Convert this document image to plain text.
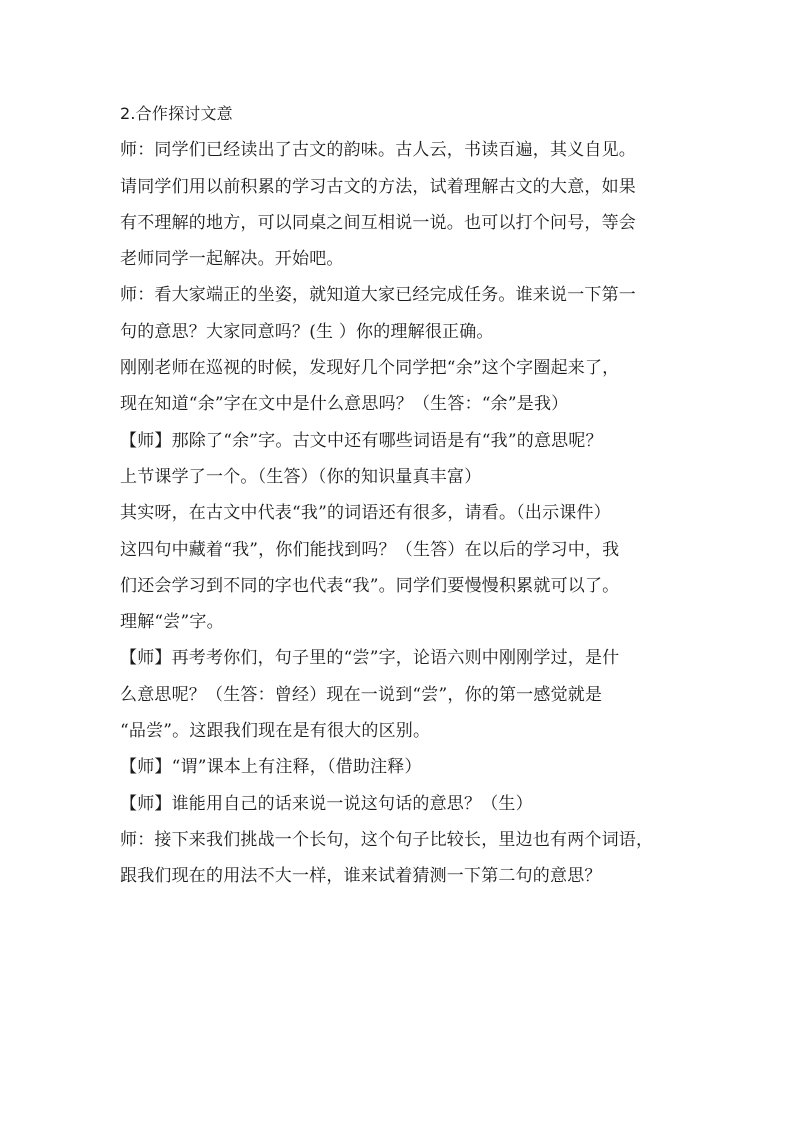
2.合作探讨文意
师：同学们已经读出了古文的韵味。古人云，书读百遍，其义自见。
请同学们用以前积累的学习古文的方法，试着理解古文的大意，如果
有不理解的地方，可以同桌之间互相说一说。也可以打个问号，等会
老师同学一起解决。开始吧。
师：看大家端正的坐姿，就知道大家已经完成任务。谁来说一下第一
句的意思？大家同意吗？(生 ）你的理解很正确。
刚刚老师在巡视的时候，发现好几个同学把“余”这个字圈起来了，
现在知道“余”字在文中是什么意思吗？（生答：“余”是我）
【师】那除了“余”字。古文中还有哪些词语是有“我”的意思呢？
上节课学了一个。（生答）（你的知识量真丰富）
其实呀，在古文中代表“我”的词语还有很多，请看。（出示课件）
这四句中藏着“我”，你们能找到吗？（生答）在以后的学习中，我
们还会学习到不同的字也代表“我”。同学们要慢慢积累就可以了。
理解“尝”字。
【师】再考考你们，句子里的“尝”字，论语六则中刚刚学过，是什
么意思呢？（生答：曾经）现在一说到“尝”，你的第一感觉就是
“品尝”。这跟我们现在是有很大的区别。
【师】“谓”课本上有注释，（借助注释）
【师】谁能用自己的话来说一说这句话的意思？（生）
师：接下来我们挑战一个长句，这个句子比较长，里边也有两个词语，
跟我们现在的用法不大一样，谁来试着猜测一下第二句的意思？
